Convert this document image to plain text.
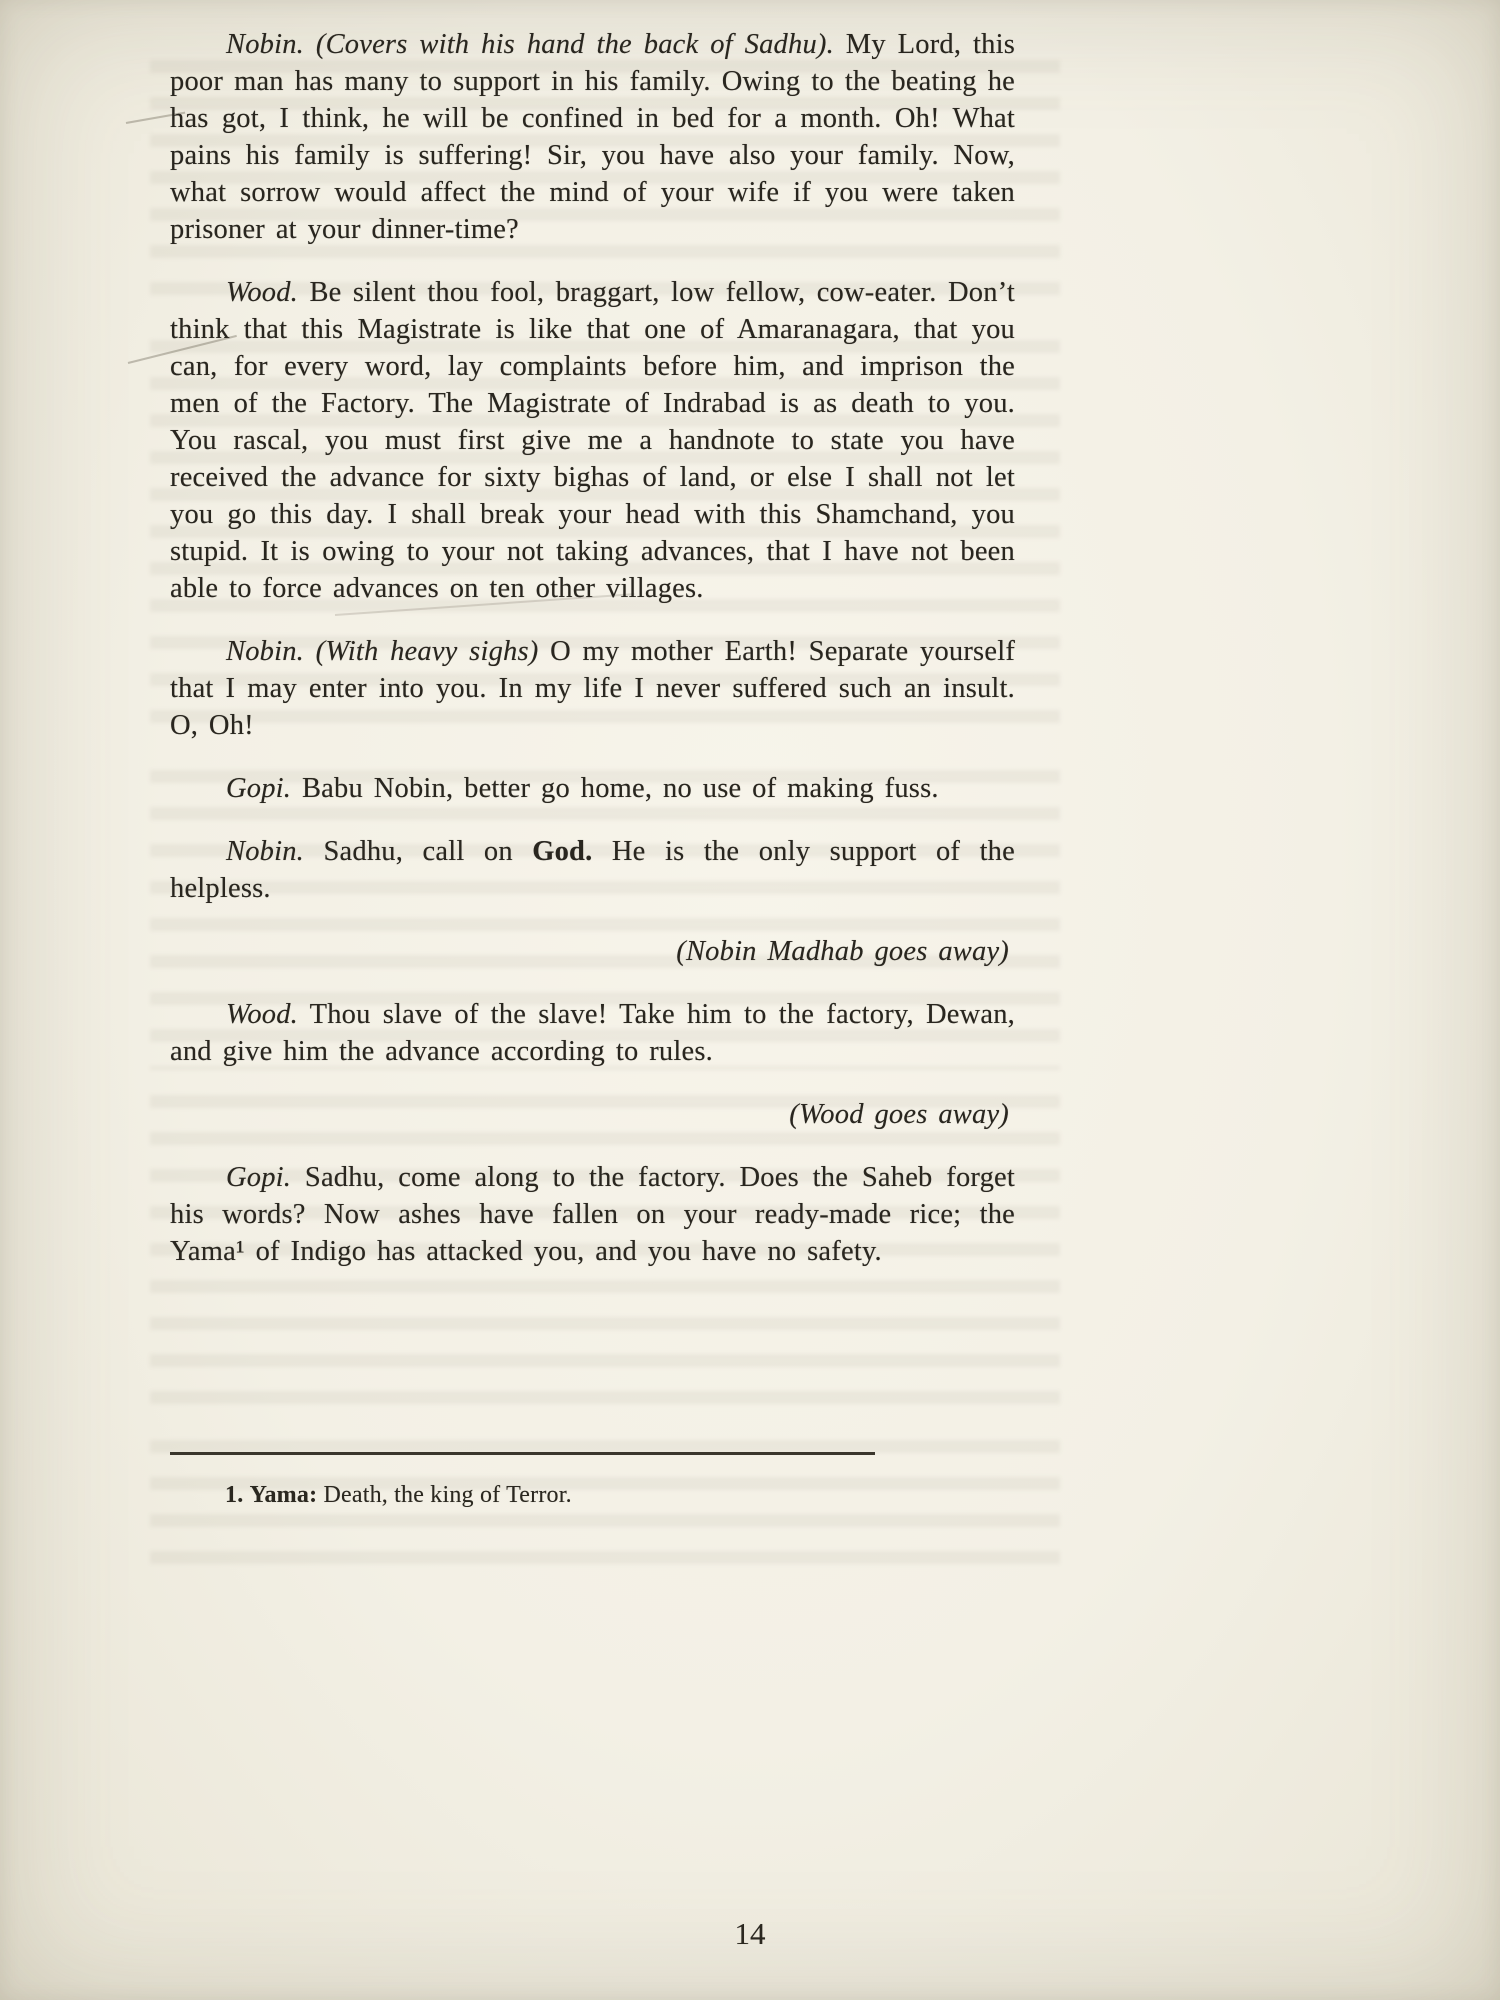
Nobin. (Covers with his hand the back of Sadhu). My Lord, this poor man has many to support in his family. Owing to the beating he has got, I think, he will be confined in bed for a month. Oh! What pains his family is suffering! Sir, you have also your family. Now, what sorrow would affect the mind of your wife if you were taken prisoner at your dinner-time?

Wood. Be silent thou fool, braggart, low fellow, cow-eater. Don’t think that this Magistrate is like that one of Amaranagara, that you can, for every word, lay complaints before him, and imprison the men of the Factory. The Magistrate of Indrabad is as death to you. You rascal, you must first give me a handnote to state you have received the advance for sixty bighas of land, or else I shall not let you go this day. I shall break your head with this Shamchand, you stupid. It is owing to your not taking advances, that I have not been able to force advances on ten other villages.

Nobin. (With heavy sighs) O my mother Earth! Separate yourself that I may enter into you. In my life I never suffered such an insult. O, Oh!

Gopi. Babu Nobin, better go home, no use of making fuss.

Nobin. Sadhu, call on God. He is the only support of the helpless.

(Nobin Madhab goes away)

Wood. Thou slave of the slave! Take him to the factory, Dewan, and give him the advance according to rules.

(Wood goes away)

Gopi. Sadhu, come along to the factory. Does the Saheb forget his words? Now ashes have fallen on your ready-made rice; the Yama¹ of Indigo has attacked you, and you have no safety.

1. Yama: Death, the king of Terror.
14
